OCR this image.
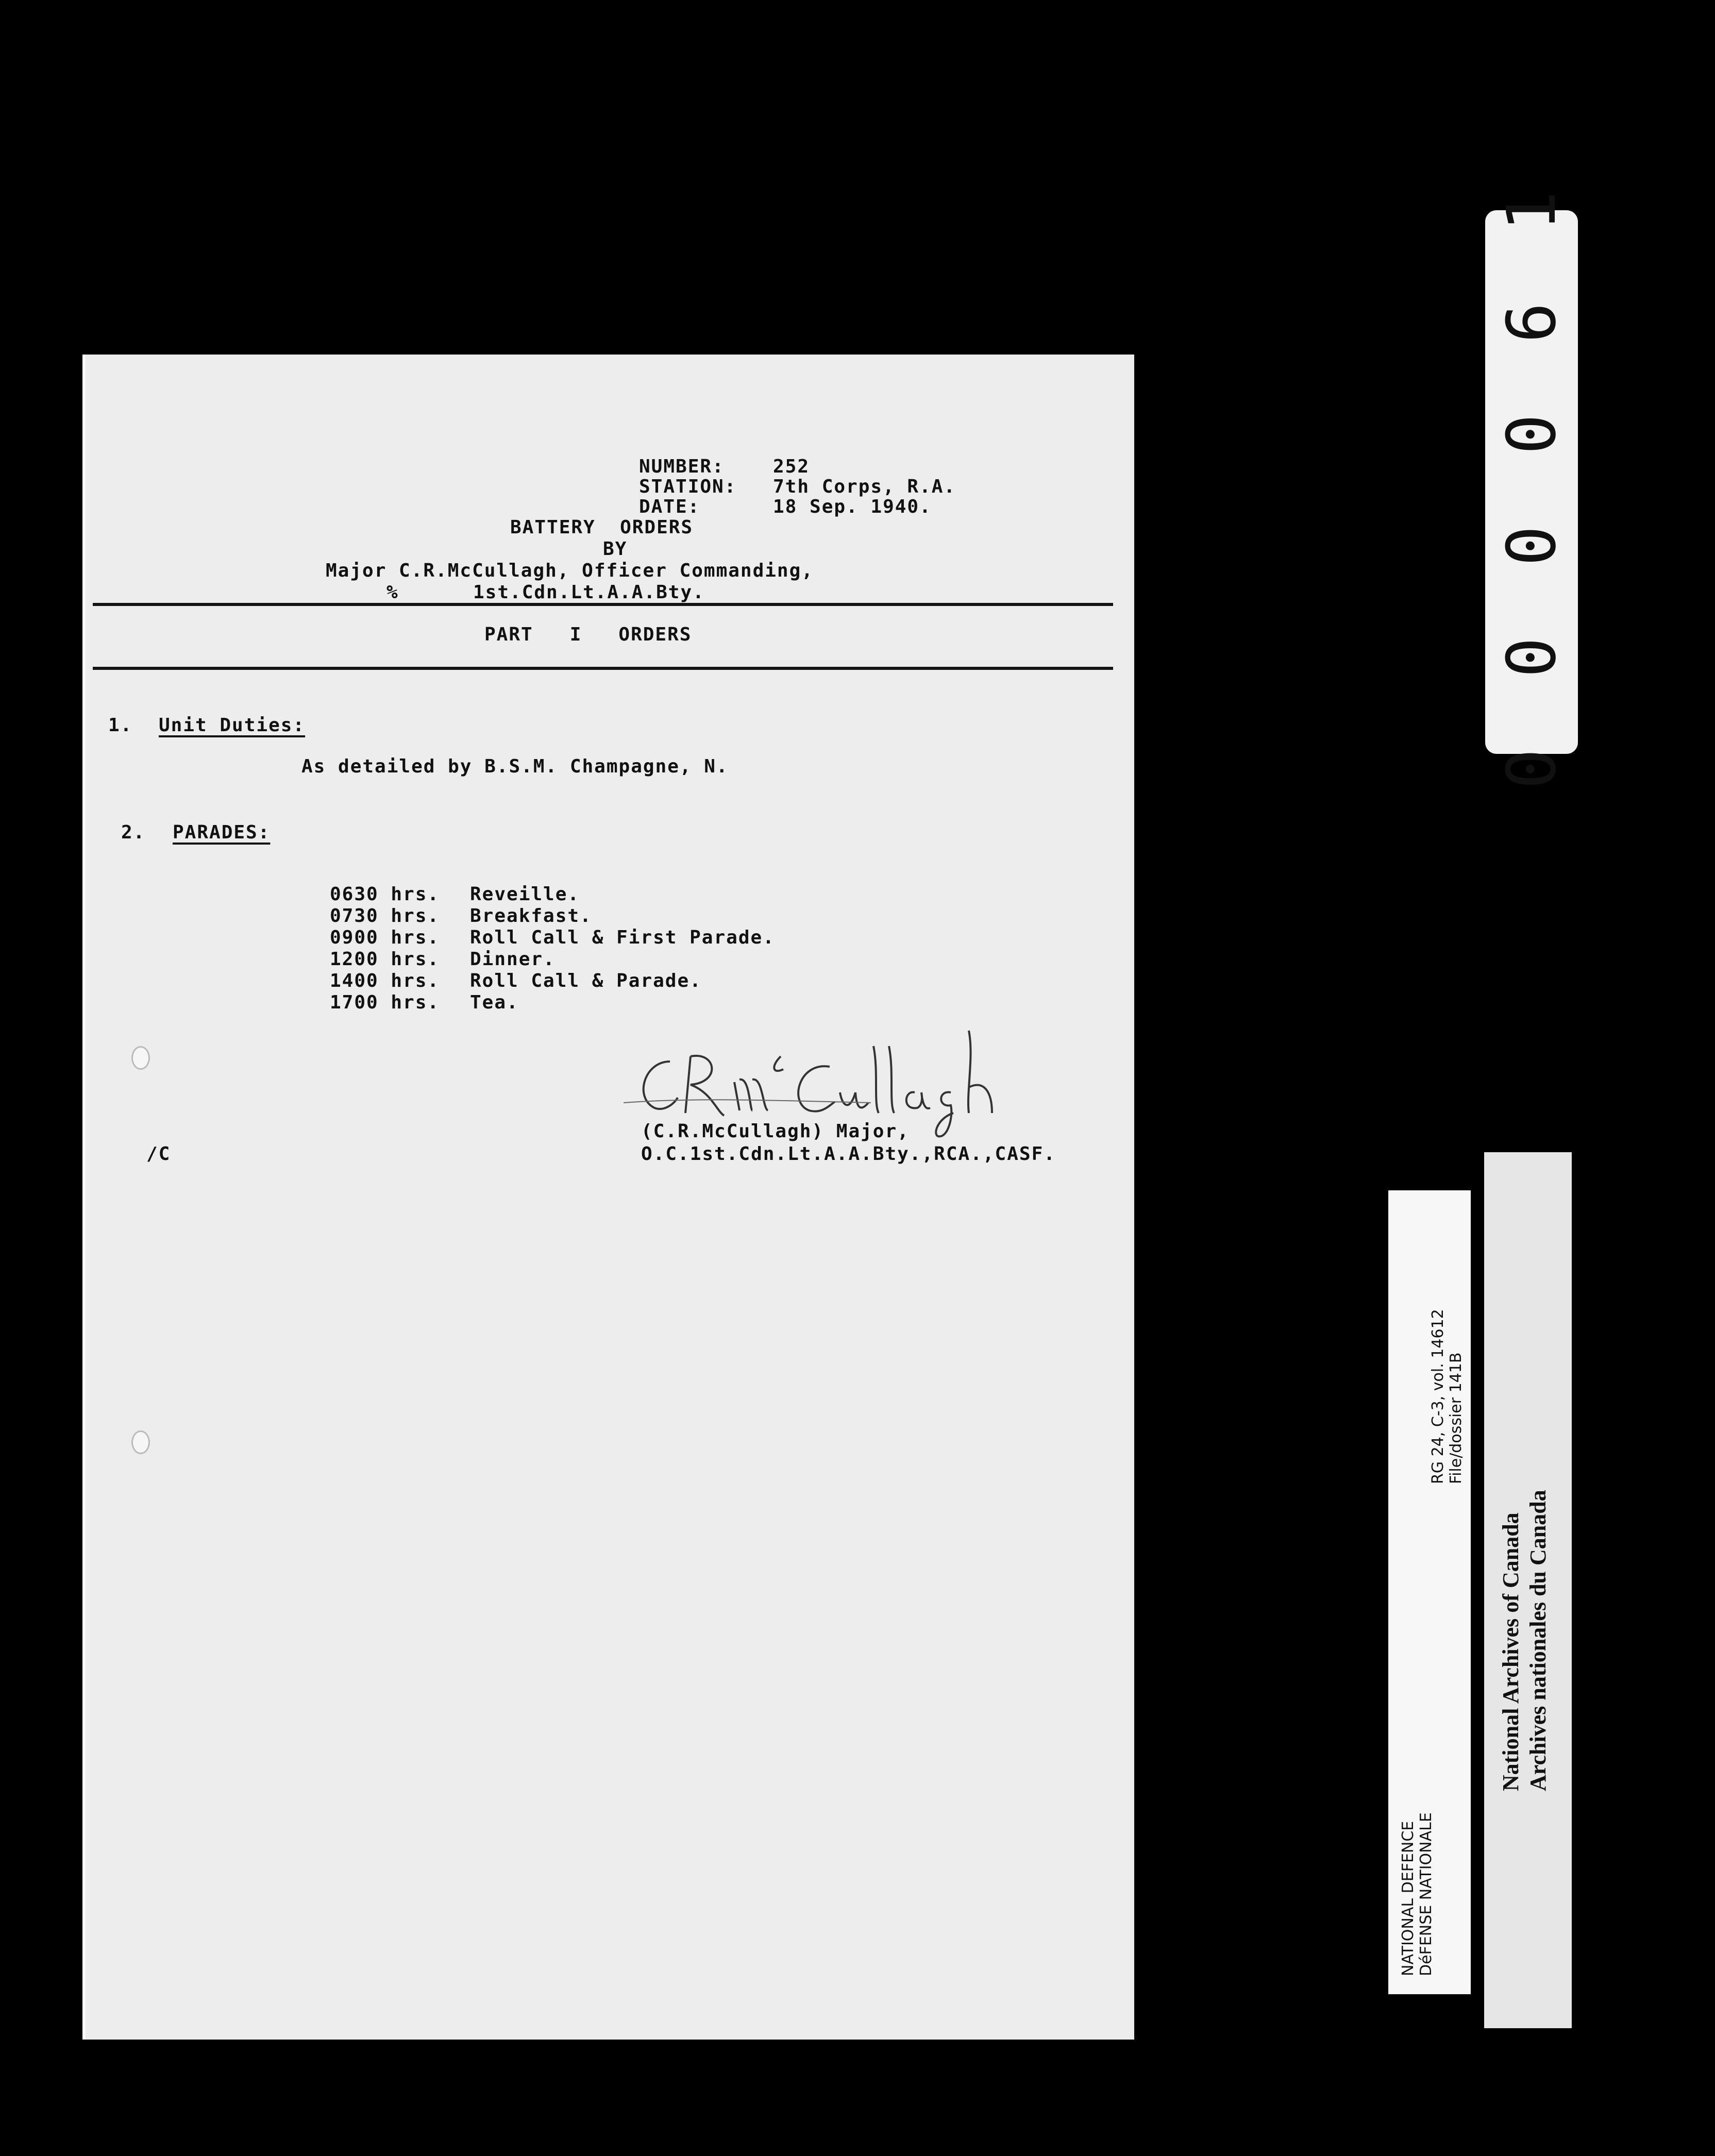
NUMBER:	252
STATION: 7th Corps, R.A.
DATE:	18 Sep. 1940.
BATTERY  ORDERS
BY
Major C.R.McCullagh, Officer Commanding,
%	1st.Cdn.Lt.A.A.Bty.
PART   I   ORDERS
1. Unit Duties:
As detailed by B.S.M. Champagne, N.
2. PARADES:
0630 hrs. Reveille.
0730 hrs. Breakfast.
0900 hrs. Roll Call & First Parade.
1200 hrs. Dinner.
1400 hrs. Roll Call & Parade.
1700 hrs. Tea.
(C.R.McCullagh) Major,
O.C.1st.Cdn.Lt.A.A.Bty.,RCA.,CASF.
/C
0 0 0 0 6 1
NATIONAL DEFENCE DéFENSE NATIONALE
RG 24, C-3, vol. 14612 File/dossier 141B
National Archives of Canada Archives nationales du Canada
